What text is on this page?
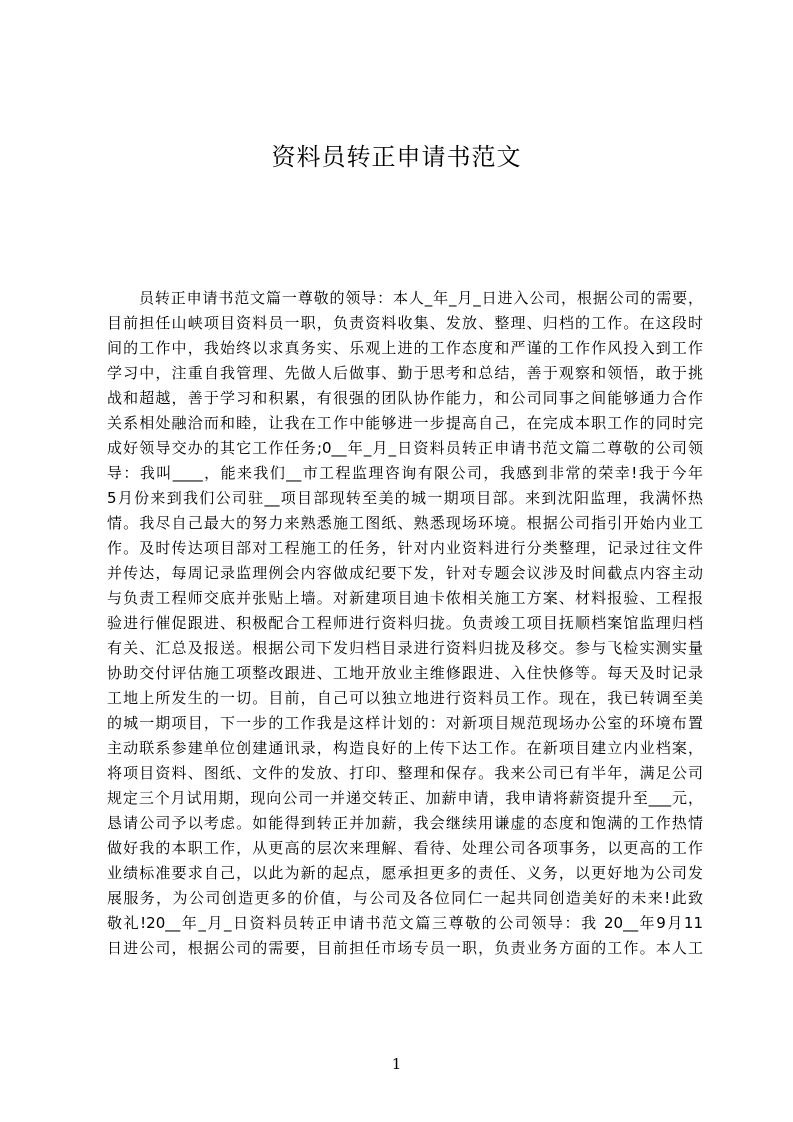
资料员转正申请书范文
员转正申请书范文篇一尊敬的领导：本人_年_月_日进入公司，根据公司的需要，
目前担任山峡项目资料员一职，负责资料收集、发放、整理、归档的工作。在这段时
间的工作中，我始终以求真务实、乐观上进的工作态度和严谨的工作作风投入到工作
学习中，注重自我管理、先做人后做事、勤于思考和总结，善于观察和领悟，敢于挑
战和超越，善于学习和积累，有很强的团队协作能力，和公司同事之间能够通力合作
关系相处融洽而和睦，让我在工作中能够进一步提高自己，在完成本职工作的同时完
成好领导交办的其它工作任务;0__年_月_日资料员转正申请书范文篇二尊敬的公司领
导：我叫____，能来我们__市工程监理咨询有限公司，我感到非常的荣幸!我于今年
5月份来到我们公司驻__项目部现转至美的城一期项目部。来到沈阳监理，我满怀热
情。我尽自己最大的努力来熟悉施工图纸、熟悉现场环境。根据公司指引开始内业工
作。及时传达项目部对工程施工的任务，针对内业资料进行分类整理，记录过往文件
并传达，每周记录监理例会内容做成纪要下发，针对专题会议涉及时间截点内容主动
与负责工程师交底并张贴上墙。对新建项目迪卡侬相关施工方案、材料报验、工程报
验进行催促跟进、积极配合工程师进行资料归拢。负责竣工项目抚顺档案馆监理归档
有关、汇总及报送。根据公司下发归档目录进行资料归拢及移交。参与飞检实测实量
协助交付评估施工项整改跟进、工地开放业主维修跟进、入住快修等。每天及时记录
工地上所发生的一切。目前，自己可以独立地进行资料员工作。现在，我已转调至美
的城一期项目，下一步的工作我是这样计划的：对新项目规范现场办公室的环境布置
主动联系参建单位创建通讯录，构造良好的上传下达工作。在新项目建立内业档案，
将项目资料、图纸、文件的发放、打印、整理和保存。我来公司已有半年，满足公司
规定三个月试用期，现向公司一并递交转正、加薪申请，我申请将薪资提升至___元，
恳请公司予以考虑。如能得到转正并加薪，我会继续用谦虚的态度和饱满的工作热情
做好我的本职工作，从更高的层次来理解、看待、处理公司各项事务，以更高的工作
业绩标准要求自己，以此为新的起点，愿承担更多的责任、义务，以更好地为公司发
展服务，为公司创造更多的价值，与公司及各位同仁一起共同创造美好的未来!此致
敬礼!20__年_月_日资料员转正申请书范文篇三尊敬的公司领导：我 20__年9月11
日进公司，根据公司的需要，目前担任市场专员一职，负责业务方面的工作。本人工
1
